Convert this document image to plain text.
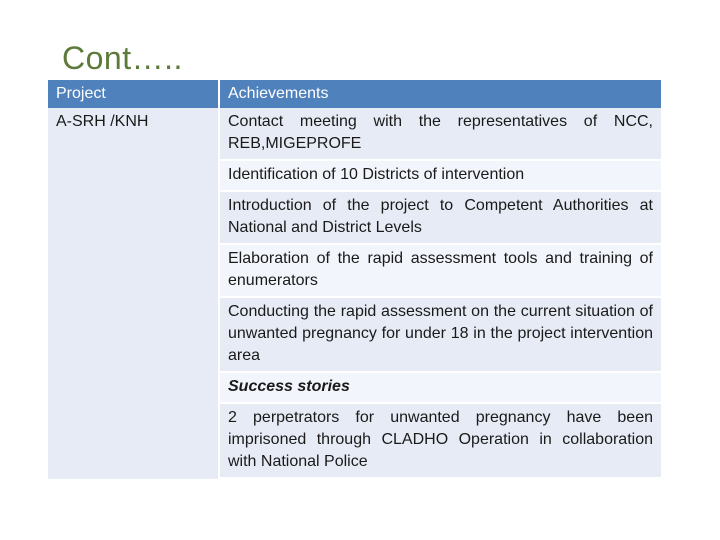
Cont…..
Project	Achievements
A-SRH /KNH	Contact meeting with the representatives of NCC, REB,MIGEPROFE
	Identification of 10 Districts of intervention
	Introduction of the project to Competent Authorities at National and District Levels
	Elaboration of the rapid assessment tools and training of enumerators
	Conducting the rapid assessment on the current situation of unwanted pregnancy for under 18 in the project intervention area
	Success stories
	2 perpetrators for unwanted pregnancy have been imprisoned through CLADHO Operation in collaboration with National Police
